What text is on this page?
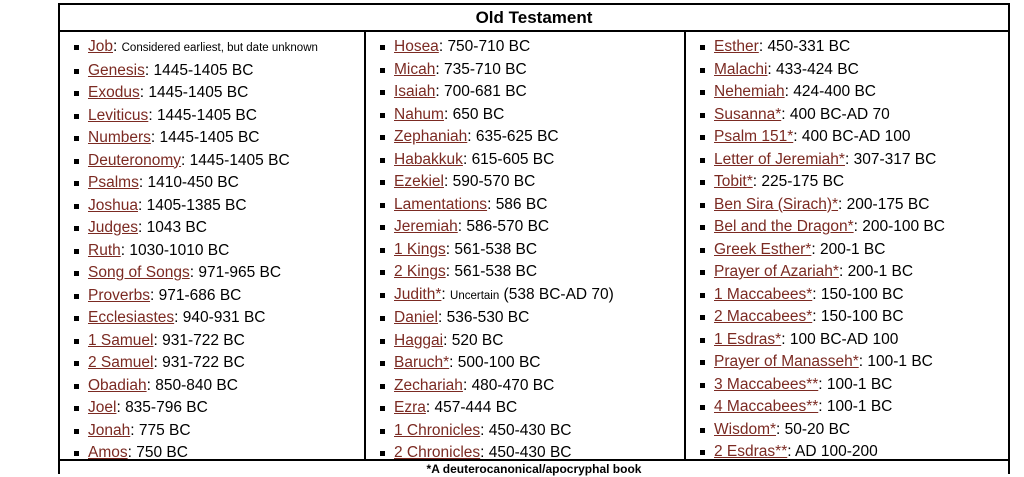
Old Testament
Job: Considered earliest, but date unknown
Genesis: 1445-1405 BC
Exodus: 1445-1405 BC
Leviticus: 1445-1405 BC
Numbers: 1445-1405 BC
Deuteronomy: 1445-1405 BC
Psalms: 1410-450 BC
Joshua: 1405-1385 BC
Judges: 1043 BC
Ruth: 1030-1010 BC
Song of Songs: 971-965 BC
Proverbs: 971-686 BC
Ecclesiastes: 940-931 BC
1 Samuel: 931-722 BC
2 Samuel: 931-722 BC
Obadiah: 850-840 BC
Joel: 835-796 BC
Jonah: 775 BC
Amos: 750 BC
Hosea: 750-710 BC
Micah: 735-710 BC
Isaiah: 700-681 BC
Nahum: 650 BC
Zephaniah: 635-625 BC
Habakkuk: 615-605 BC
Ezekiel: 590-570 BC
Lamentations: 586 BC
Jeremiah: 586-570 BC
1 Kings: 561-538 BC
2 Kings: 561-538 BC
Judith*: Uncertain (538 BC-AD 70)
Daniel: 536-530 BC
Haggai: 520 BC
Baruch*: 500-100 BC
Zechariah: 480-470 BC
Ezra: 457-444 BC
1 Chronicles: 450-430 BC
2 Chronicles: 450-430 BC
Esther: 450-331 BC
Malachi: 433-424 BC
Nehemiah: 424-400 BC
Susanna*: 400 BC-AD 70
Psalm 151*: 400 BC-AD 100
Letter of Jeremiah*: 307-317 BC
Tobit*: 225-175 BC
Ben Sira (Sirach)*: 200-175 BC
Bel and the Dragon*: 200-100 BC
Greek Esther*: 200-1 BC
Prayer of Azariah*: 200-1 BC
1 Maccabees*: 150-100 BC
2 Maccabees*: 150-100 BC
1 Esdras*: 100 BC-AD 100
Prayer of Manasseh*: 100-1 BC
3 Maccabees**: 100-1 BC
4 Maccabees**: 100-1 BC
Wisdom*: 50-20 BC
2 Esdras**: AD 100-200
*A deuterocanonical/apocryphal book
